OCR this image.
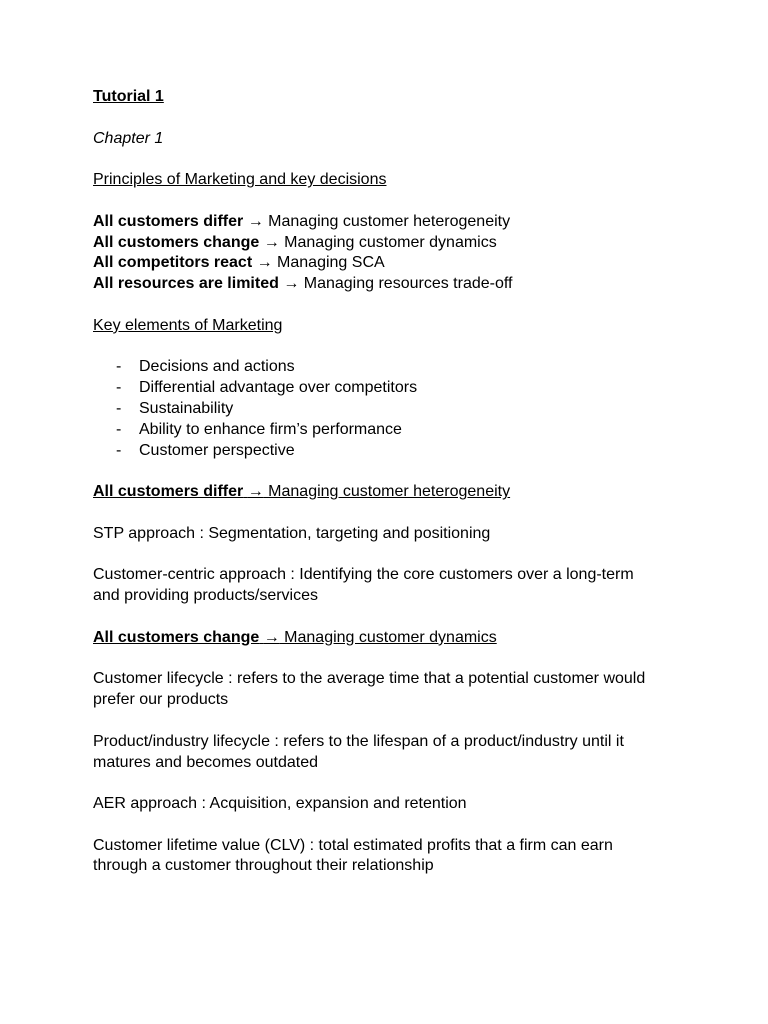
Tutorial 1
Chapter 1
Principles of Marketing and key decisions
All customers differ → Managing customer heterogeneity
All customers change → Managing customer dynamics
All competitors react → Managing SCA
All resources are limited → Managing resources trade-off
Key elements of Marketing
-	Decisions and actions
-	Differential advantage over competitors
-	Sustainability
-	Ability to enhance firm’s performance
-	Customer perspective
All customers differ → Managing customer heterogeneity
STP approach : Segmentation, targeting and positioning
Customer-centric approach : Identifying the core customers over a long-term
and providing products/services
All customers change → Managing customer dynamics
Customer lifecycle : refers to the average time that a potential customer would
prefer our products
Product/industry lifecycle : refers to the lifespan of a product/industry until it
matures and becomes outdated
AER approach : Acquisition, expansion and retention
Customer lifetime value (CLV) : total estimated profits that a firm can earn
through a customer throughout their relationship
